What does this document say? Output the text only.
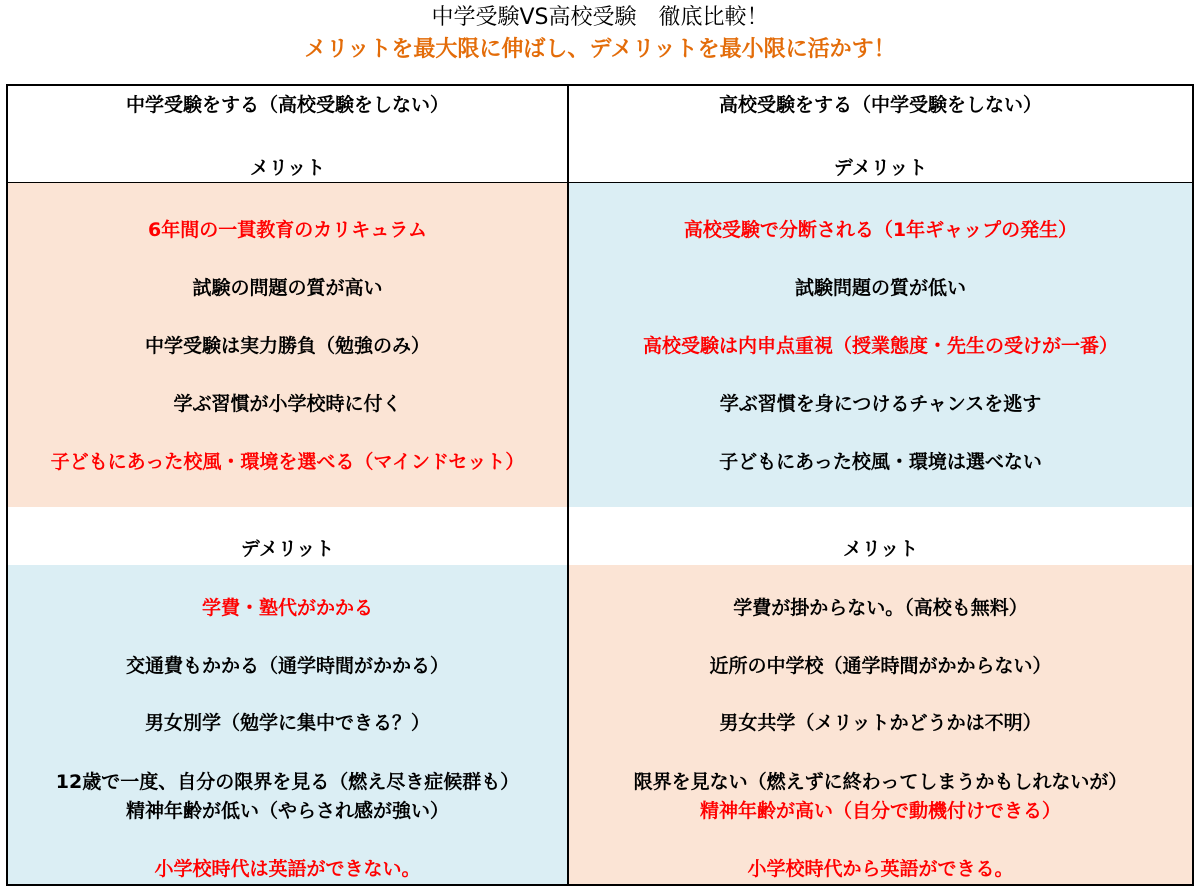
中学受験VS高校受験　徹底比較！
メリットを最大限に伸ばし、デメリットを最小限に活かす！
中学受験をする（高校受験をしない）
メリット
6年間の一貫教育のカリキュラム
試験の問題の質が高い
中学受験は実力勝負（勉強のみ）
学ぶ習慣が小学校時に付く
子どもにあった校風・環境を選べる（マインドセット）
デメリット
学費・塾代がかかる
交通費もかかる（通学時間がかかる）
男女別学（勉学に集中できる？）
12歳で一度、自分の限界を見る（燃え尽き症候群も）
精神年齢が低い（やらされ感が強い）
小学校時代は英語ができない。
高校受験をする（中学受験をしない）
デメリット
高校受験で分断される（1年ギャップの発生）
試験問題の質が低い
高校受験は内申点重視（授業態度・先生の受けが一番）
学ぶ習慣を身につけるチャンスを逃す
子どもにあった校風・環境は選べない
メリット
学費が掛からない。（高校も無料）
近所の中学校（通学時間がかからない）
男女共学（メリットかどうかは不明）
限界を見ない（燃えずに終わってしまうかもしれないが）
精神年齢が高い（自分で動機付けできる）
小学校時代から英語ができる。
